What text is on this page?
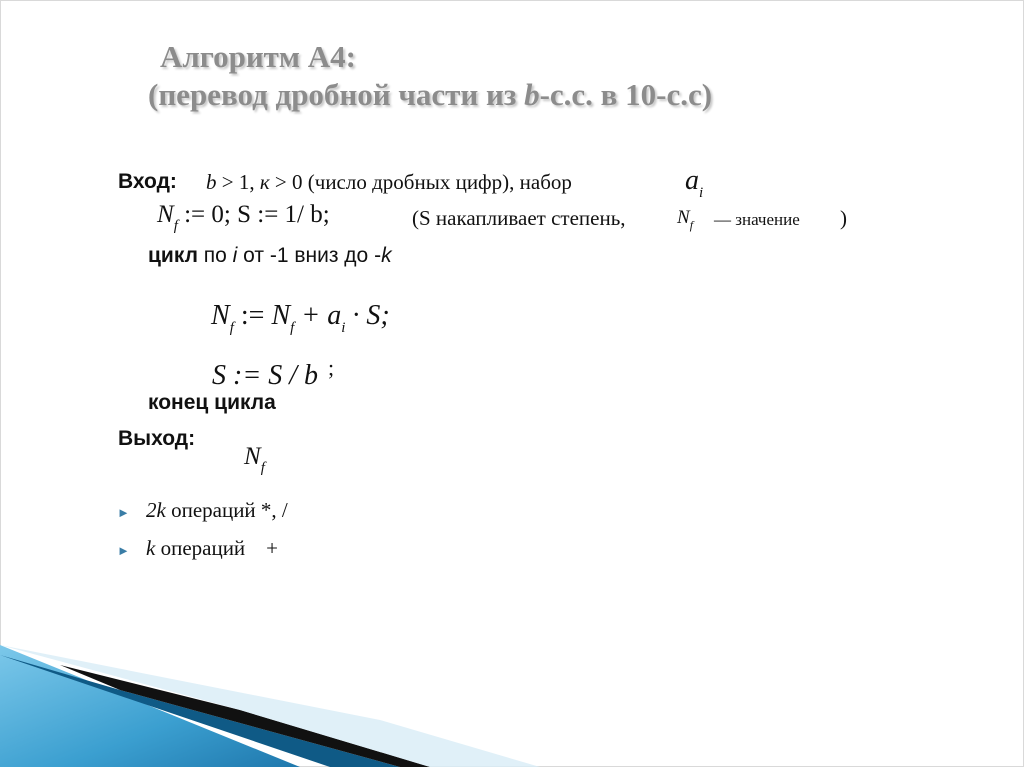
Алгоритм А4:
(перевод дробной части из b-с.с. в 10-с.с)
Вход: b > 1, к > 0 (число дробных цифр), набор	$a_i$
$N_f$ := 0; S := 1/ b;	(S накапливает степень,	$N_f$ — значение )
цикл по i от -1 вниз до -k
$N_f$ := $N_f + a_i \cdot S$;
S := S / b ;
конец цикла
Выход:
$N_f$
► 2k операций *, /
► k операций    +
